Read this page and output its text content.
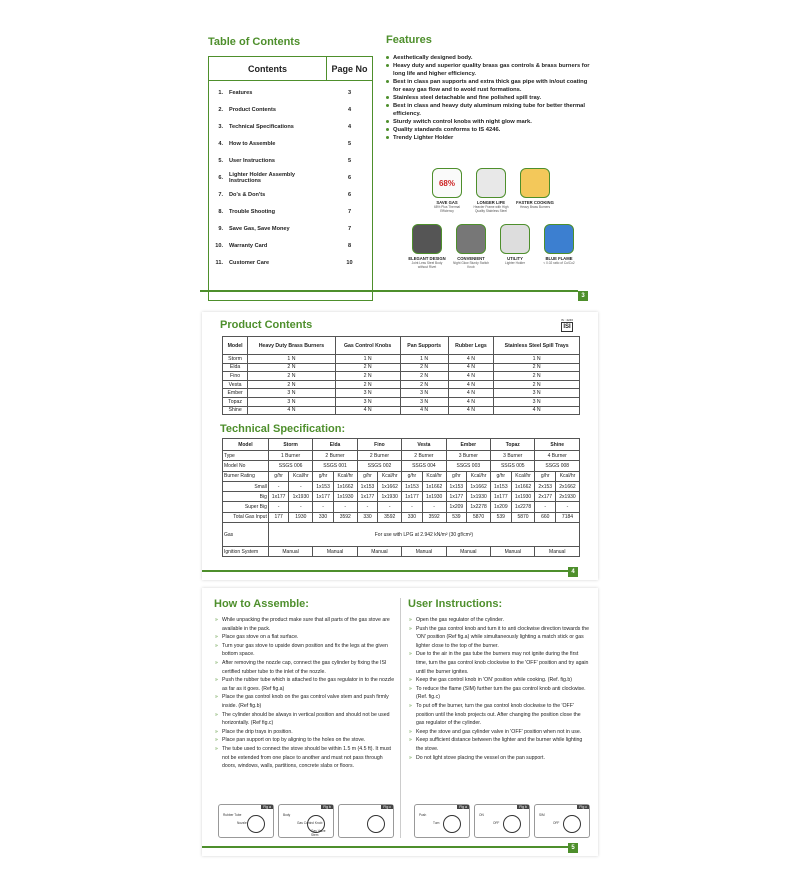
Table of Contents
Contents	Page No
1.	Features	3
2.	Product Contents	4
3.	Technical Specifications	4
4.	How to Assemble	5
5.	User Instructions	5
6.	Lighter Holder Assembly Instructions	6
7.	Do's & Don'ts	6
8.	Trouble Shooting	7
9.	Save Gas, Save Money	7
10.	Warranty Card	8
11.	Customer Care	10
Features
Aesthetically designed body.
Heavy duty and superior quality brass gas controls & brass burners for long life and higher efficiency.
Best in class pan supports and extra thick gas pipe with in/out coating for easy gas flow and to avoid rust formations.
Stainless steel detachable and fine polished spill tray.
Best in class and heavy duty aluminum mixing tube for better thermal efficiency.
Sturdy switch control knobs with night glow mark.
Quality standards conforms to IS 4246.
Trendy Lighter Holder
68%
SAVE GAS
68% Plus Thermal Efficiency
LONGER LIFE
Heavier Frame with High Quality Stainless Steel
FASTER COOKING
Heavy Brass Burners
ELEGANT DESIGN
Joint Less Steel Body without Rivet
CONVENIENT
Night Glow Sturdy Switch Knob
UTILITY
Lighter Holder
BLUE FLAME
< 0.02 ratio of Co/Co2
3
Product Contents	IS : 4246
ISI
Model	Heavy Duty Brass Burners	Gas Control Knobs	Pan Supports	Rubber Legs	Stainless Steel Spill Trays
Storm	1 N	1 N	1 N	4 N	1 N
Elda	2 N	2 N	2 N	4 N	2 N
Fino	2 N	2 N	2 N	4 N	2 N
Vesta	2 N	2 N	2 N	4 N	2 N
Ember	3 N	3 N	3 N	4 N	3 N
Topaz	3 N	3 N	3 N	4 N	3 N
Shine	4 N	4 N	4 N	4 N	4 N
Technical Specification:
Model	Storm		Elda		Fino		Vesta		Ember		Topaz		Shine	
Type	1 Burner		2 Burner		2 Burner		2 Burner		3 Burner		3 Burner		4 Burner	
Model No	SSGS 006		SSGS 001		SSGS 002		SSGS 004		SSGS 003		SSGS 005		SSGS 008	
Burner Rating	g/hr	Kcal/hr	g/hr	Kcal/hr	g/hr	Kcal/hr	g/hr	Kcal/hr	g/hr	Kcal/hr	g/hr	Kcal/hr	g/hr	Kcal/hr
Small	-	-	1x153	1x1662	1x153	1x1662	1x153	1x1662	1x153	1x1662	1x153	1x1662	2x153	2x1662
Big	1x177	1x1930	1x177	1x1930	1x177	1x1930	1x177	1x1930	1x177	1x1930	1x177	1x1930	2x177	2x1930
Super Big	-	-	-	-	-	-	-	-	1x209	1x2278	1x209	1x2278	-	-
Total Gas Input	177	1930	330	3592	330	3592	330	3592	539	5870	539	5870	660	7184
Gas	For use with LPG at 2.942 kN/m² (30 gf/cm²)													
Ignition System	Manual		Manual		Manual		Manual		Manual		Manual		Manual	
4
How to Assemble:
» While unpacking the product make sure that all parts of the gas stove are available in the pack.
» Place gas stove on a flat surface.
» Turn your gas stove to upside down position and fix the legs at the given bottom space.
» After removing the nozzle cap, connect the gas cylinder by fixing the ISI certified rubber tube to the inlet of the nozzle.
» Push the rubber tube which is attached to the gas regulator in to the nozzle as far as it goes. (Ref fig.a)
» Place the gas control knob on the gas control valve stem and push firmly inside. (Ref fig.b)
» The cylinder should be always in vertical position and should not be used horizontally. (Ref fig.c)
» Place the drip trays in position.
» Place pan support on top by aligning to the holes on the stove.
» The tube used to connect the stove should be within 1.5 m (4.5 ft). It must not be extended from one place to another and must not pass through doors, windows, walls, partitions, concrete slabs or floors.
User Instructions:
» Open the gas regulator of the cylinder.
» Push the gas control knob and turn it to anti clockwise direction towards the 'ON' position (Ref fig.a) while simultaneously lighting a match stick or gas lighter close to the top of the burner.
» Due to the air in the gas tube the burners may not ignite during the first time, turn the gas control knob clockwise to the 'OFF' position and try again until the burner ignites.
» Keep the gas control knob in 'ON' position while cooking. (Ref. fig.b)
» To reduce the flame (SIM) further turn the gas control knob anti clockwise. (Ref. fig.c)
» To put off the burner, turn the gas control knob clockwise to the 'OFF' position until the knob projects out. After changing the position close the gas regulator of the cylinder.
» Keep the stove and gas cylinder valve in 'OFF' position when not in use.
» Keep sufficient distance between the lighter and the burner while lighting the stove.
» Do not light stove placing the vessel on the pan support.
Fig a
Rubber Tube
Nozzle
Fig b
Body
Gas Control Knob
Gas Valve Stem
Fig c	Fig a
Push
Turn
Fig b
ON
OFF
Fig c
SIM
OFF
5
